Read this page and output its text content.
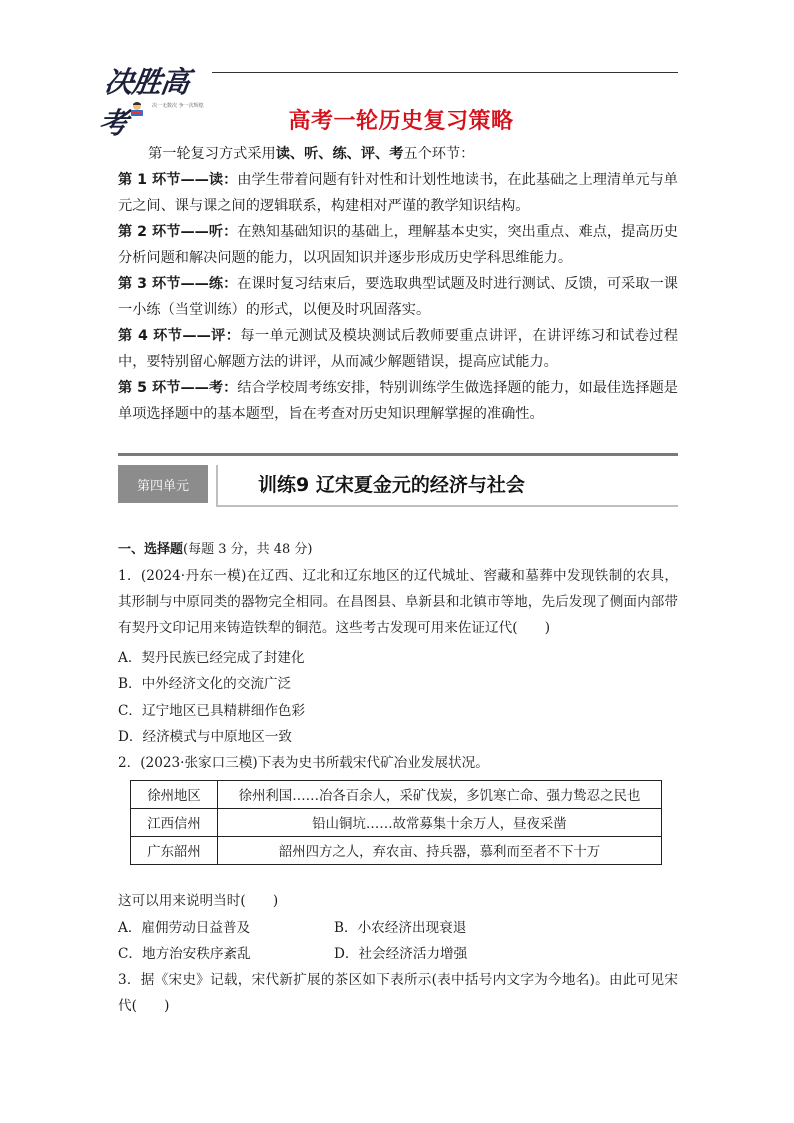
决胜高考	决一无数次 争一次辉煌
高考一轮历史复习策略

第一轮复习方式采用读、听、练、评、考五个环节：

第 1 环节——读：由学生带着问题有针对性和计划性地读书，在此基础之上理清单元与单元之间、课与课之间的逻辑联系，构建相对严谨的教学知识结构。

第 2 环节——听：在熟知基础知识的基础上，理解基本史实，突出重点、难点，提高历史分析问题和解决问题的能力，以巩固知识并逐步形成历史学科思维能力。

第 3 环节——练：在课时复习结束后，要选取典型试题及时进行测试、反馈，可采取一课一小练（当堂训练）的形式，以便及时巩固落实。

第 4 环节——评：每一单元测试及模块测试后教师要重点讲评，在讲评练习和试卷过程中，要特别留心解题方法的讲评，从而减少解题错误，提高应试能力。

第 5 环节——考：结合学校周考练安排，特别训练学生做选择题的能力，如最佳选择题是单项选择题中的基本题型，旨在考查对历史知识理解掌握的准确性。

第四单元	训练9 辽宋夏金元的经济与社会
一、选择题(每题 3 分，共 48 分)

1．(2024·丹东一模)在辽西、辽北和辽东地区的辽代城址、窖藏和墓葬中发现铁制的农具，其形制与中原同类的器物完全相同。在昌图县、阜新县和北镇市等地，先后发现了侧面内部带有契丹文印记用来铸造铁犁的铜范。这些考古发现可用来佐证辽代(　　)

A．契丹民族已经完成了封建化
B．中外经济文化的交流广泛
C．辽宁地区已具精耕细作色彩
D．经济模式与中原地区一致
2．(2023·张家口三模)下表为史书所载宋代矿冶业发展状况。
徐州地区	徐州利国……冶各百余人，采矿伐炭，多饥寒亡命、强力鸷忍之民也
江西信州	铅山铜坑……故常募集十余万人，昼夜采凿
广东韶州	韶州四方之人，弃农亩、持兵器，慕利而至者不下十万
这可以用来说明当时(　　)
A．雇佣劳动日益普及	B．小农经济出现衰退
C．地方治安秩序紊乱	D．社会经济活力增强

3．据《宋史》记载，宋代新扩展的茶区如下表所示(表中括号内文字为今地名)。由此可见宋代(　　)
